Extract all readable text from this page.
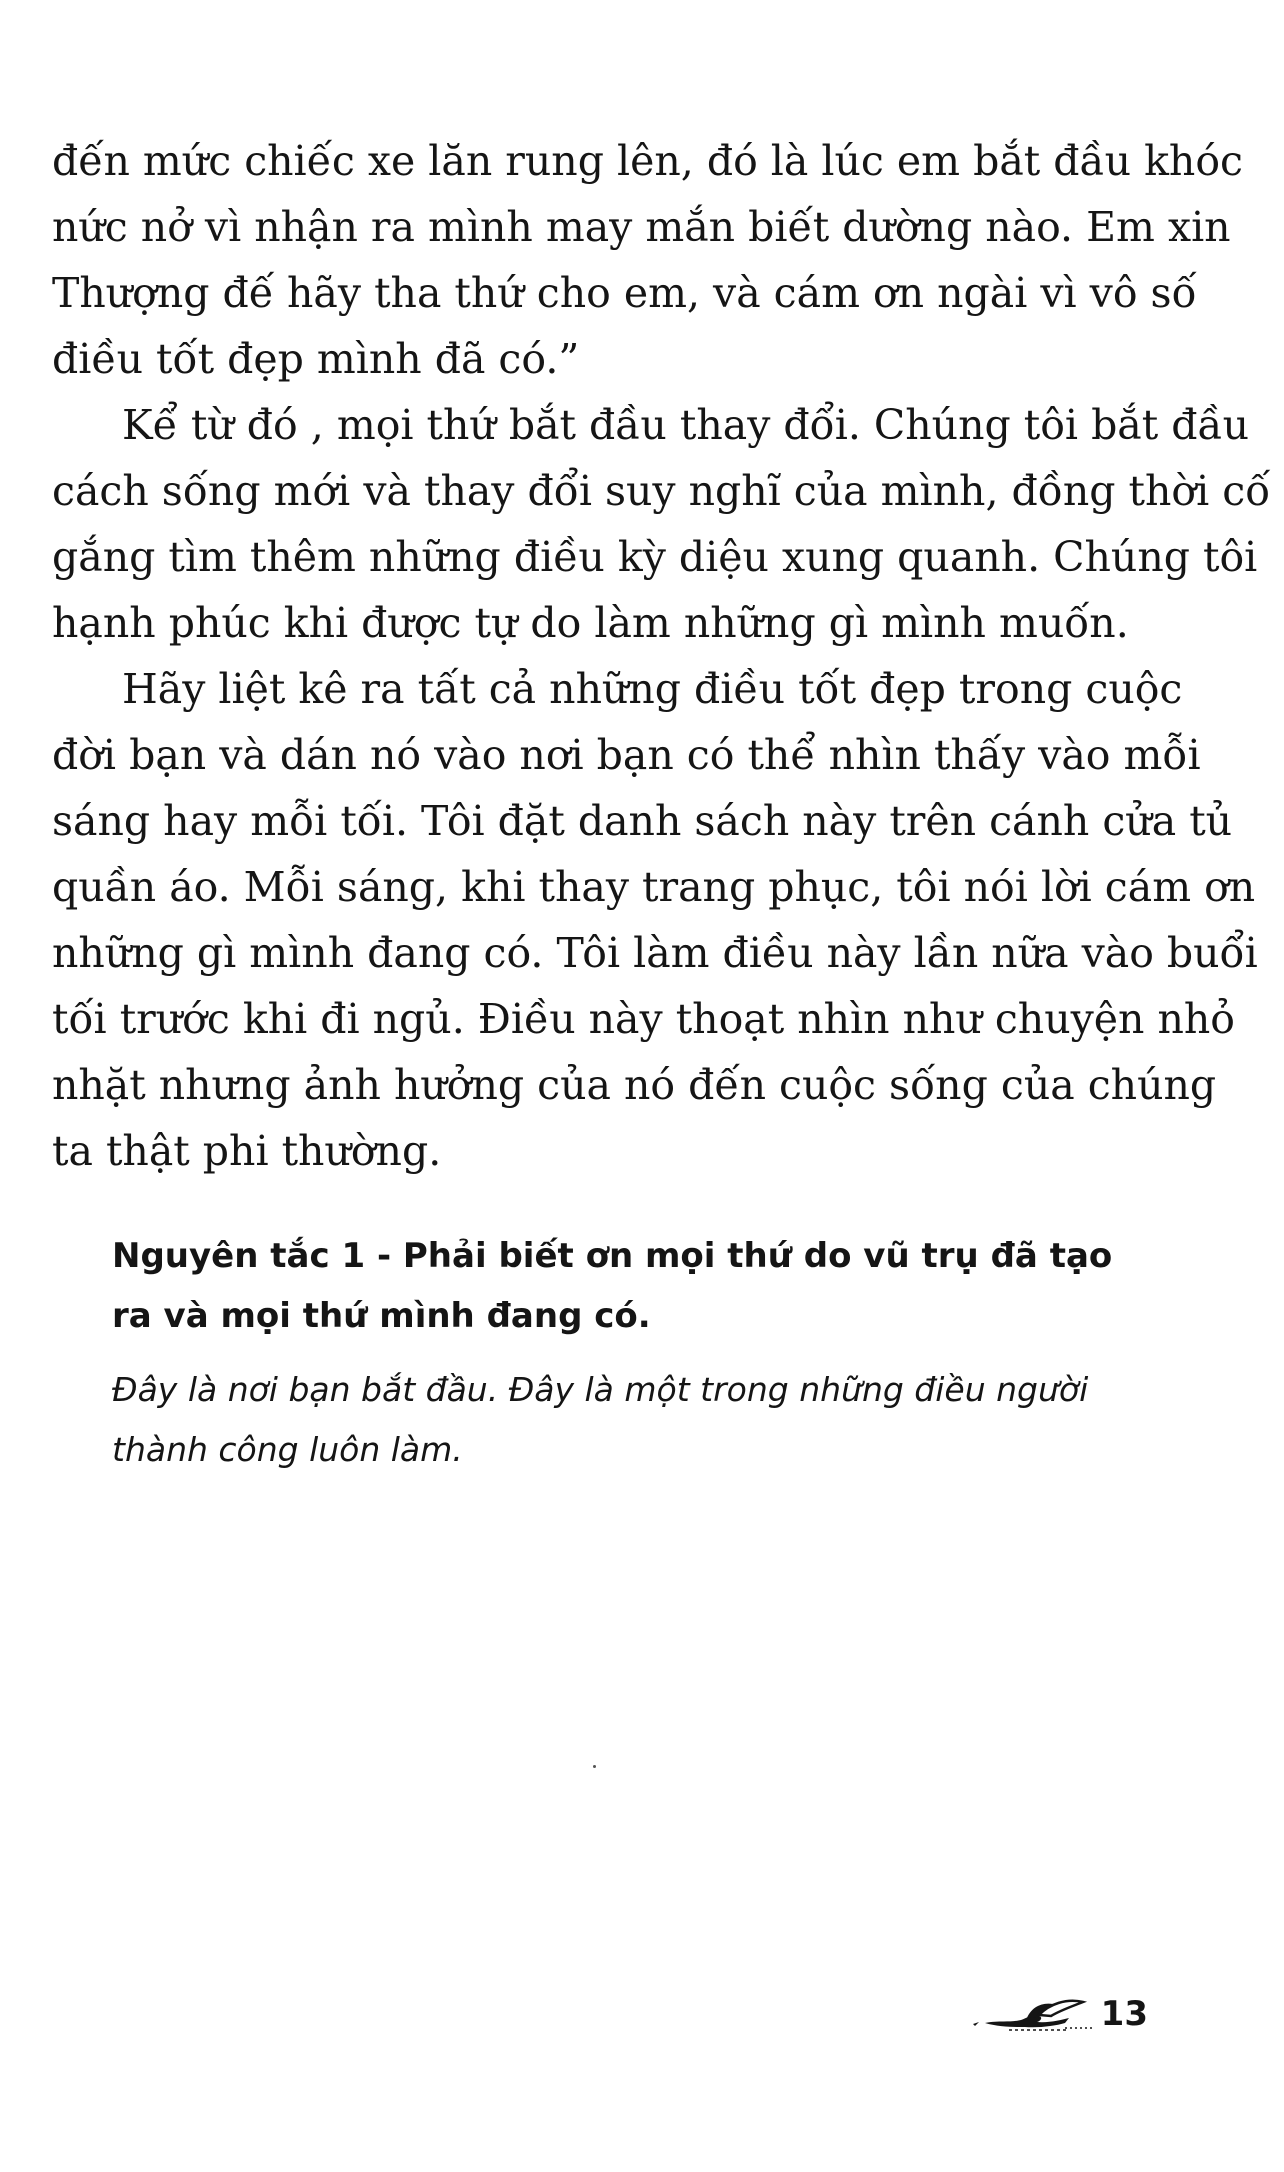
đến mức chiếc xe lăn rung lên, đó là lúc em bắt đầu khóc
nức nở vì nhận ra mình may mắn biết dường nào. Em xin
Thượng đế hãy tha thứ cho em, và cám ơn ngài vì vô số
điều tốt đẹp mình đã có.”

Kể từ đó , mọi thứ bắt đầu thay đổi. Chúng tôi bắt đầu
cách sống mới và thay đổi suy nghĩ của mình, đồng thời cố
gắng tìm thêm những điều kỳ diệu xung quanh. Chúng tôi
hạnh phúc khi được tự do làm những gì mình muốn.

Hãy liệt kê ra tất cả những điều tốt đẹp trong cuộc
đời bạn và dán nó vào nơi bạn có thể nhìn thấy vào mỗi
sáng hay mỗi tối. Tôi đặt danh sách này trên cánh cửa tủ
quần áo. Mỗi sáng, khi thay trang phục, tôi nói lời cám ơn
những gì mình đang có. Tôi làm điều này lần nữa vào buổi
tối trước khi đi ngủ. Điều này thoạt nhìn như chuyện nhỏ
nhặt nhưng ảnh hưởng của nó đến cuộc sống của chúng
ta thật phi thường.

Nguyên tắc 1 - Phải biết ơn mọi thứ do vũ trụ đã tạo
ra và mọi thứ mình đang có.
Đây là nơi bạn bắt đầu. Đây là một trong những điều người
thành công luôn làm.
13
